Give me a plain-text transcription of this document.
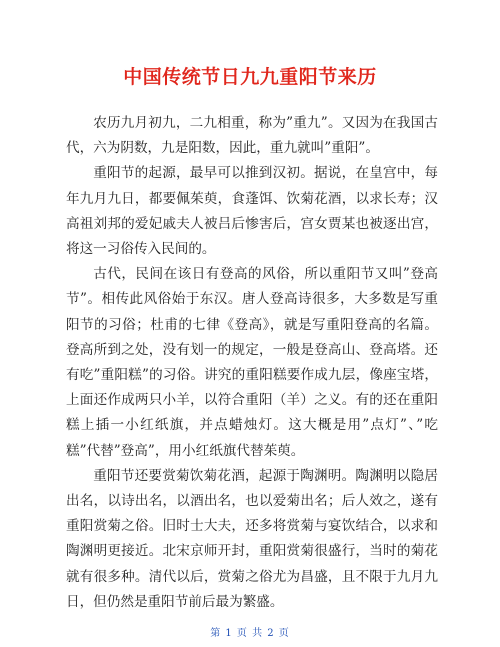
中国传统节日九九重阳节来历

农历九月初九，二九相重，称为”重九”。又因为在我国古代，六为阴数，九是阳数，因此，重九就叫”重阳”。

重阳节的起源，最早可以推到汉初。据说，在皇宫中，每年九月九日，都要佩茱萸，食蓬饵、饮菊花酒，以求长寿；汉高祖刘邦的爱妃戚夫人被吕后惨害后，宫女贾某也被逐出宫，将这一习俗传入民间的。

古代，民间在该日有登高的风俗，所以重阳节又叫”登高节”。相传此风俗始于东汉。唐人登高诗很多，大多数是写重阳节的习俗；杜甫的七律《登高》，就是写重阳登高的名篇。登高所到之处，没有划一的规定，一般是登高山、登高塔。还有吃”重阳糕”的习俗。讲究的重阳糕要作成九层，像座宝塔，上面还作成两只小羊，以符合重阳（羊）之义。有的还在重阳糕上插一小红纸旗，并点蜡烛灯。这大概是用”点灯”、”吃糕”代替”登高”，用小红纸旗代替茱萸。

重阳节还要赏菊饮菊花酒，起源于陶渊明。陶渊明以隐居出名，以诗出名，以酒出名，也以爱菊出名；后人效之，遂有重阳赏菊之俗。旧时士大夫，还多将赏菊与宴饮结合，以求和陶渊明更接近。北宋京师开封，重阳赏菊很盛行，当时的菊花就有很多种。清代以后，赏菊之俗尤为昌盛，且不限于九月九日，但仍然是重阳节前后最为繁盛。

第 1 页 共 2 页
